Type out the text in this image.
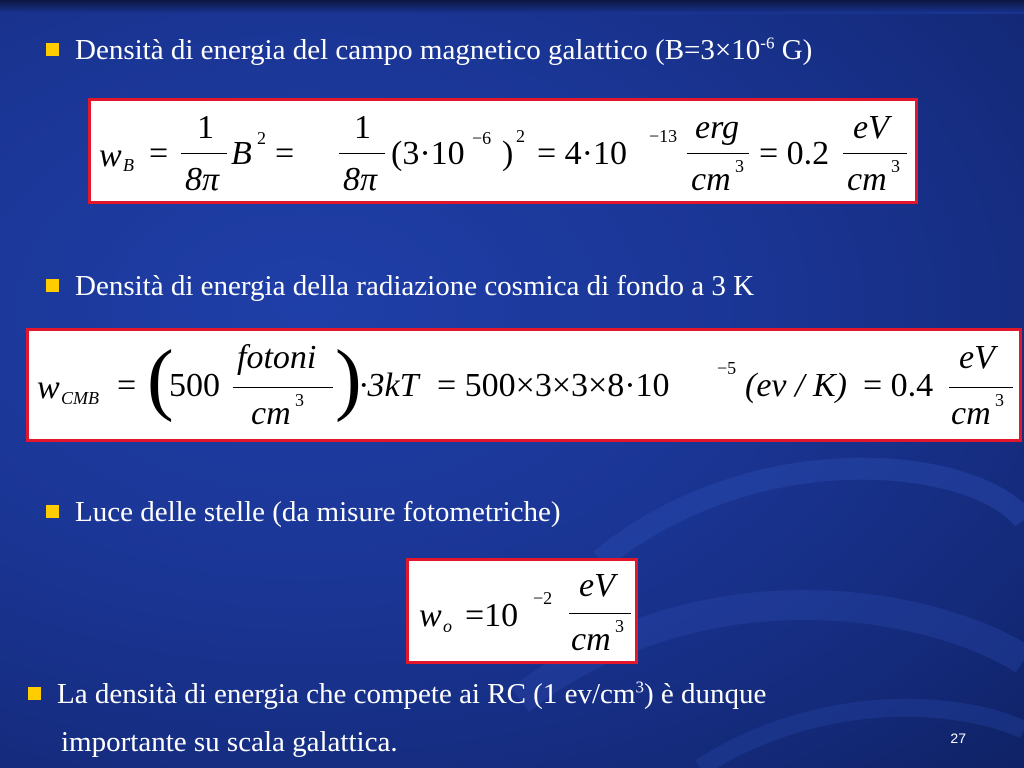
Densità di energia del campo magnetico galattico ($B=3\times 10^{-6}$ G)
w B =
1
8π
B 2 =
1
8π
(3·10 −6 ) 2 = 4·10 −13 erg
cm 3 = 0.2
eV
cm 3
Densità di energia della radiazione cosmica di fondo a 3 K
w CMB = (
500
fotoni
cm 3 )
·3kT = 500×3×3×8·10	−5 (ev / K) = 0.4
eV
cm 3
Luce delle stelle (da misure fotometriche)
w o =10 −2 eV
cm 3
La densità di energia che compete ai RC (1 $ev/cm^3$) è dunque
importante su scala galattica.	27
